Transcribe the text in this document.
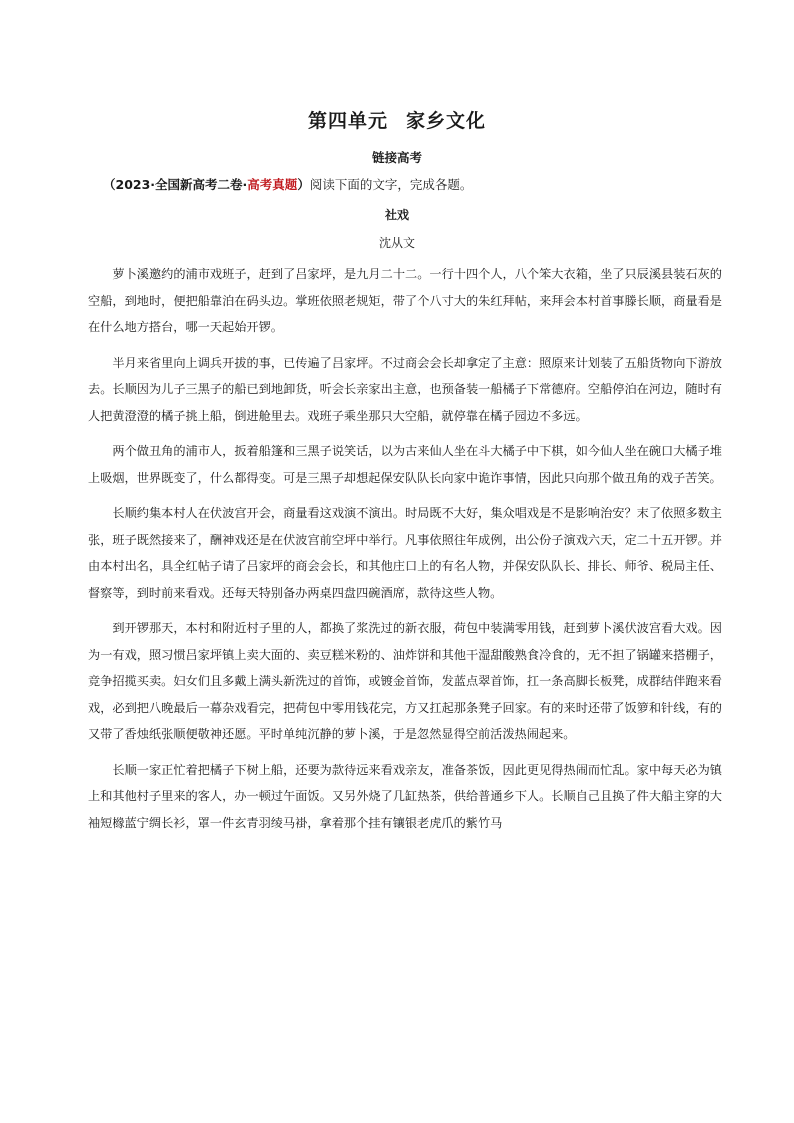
第四单元 家乡文化
链接高考
（2023·全国新高考二卷·高考真题）阅读下面的文字，完成各题。
社戏
沈从文

萝卜溪邀约的浦市戏班子，赶到了吕家坪，是九月二十二。一行十四个人，八个笨大衣箱，坐了只辰溪县装石灰的空船，到地时，便把船靠泊在码头边。掌班依照老规矩，带了个八寸大的朱红拜帖，来拜会本村首事滕长顺，商量看是在什么地方搭台，哪一天起始开锣。

半月来省里向上调兵开拔的事，已传遍了吕家坪。不过商会会长却拿定了主意：照原来计划装了五船货物向下游放去。长顺因为儿子三黑子的船已到地卸货，听会长亲家出主意，也预备装一船橘子下常德府。空船停泊在河边，随时有人把黄澄澄的橘子挑上船，倒进舱里去。戏班子乘坐那只大空船，就停靠在橘子园边不多远。

两个做丑角的浦市人，扳着船篷和三黑子说笑话，以为古来仙人坐在斗大橘子中下棋，如今仙人坐在碗口大橘子堆上吸烟，世界既变了，什么都得变。可是三黑子却想起保安队队长向家中诡诈事情，因此只向那个做丑角的戏子苦笑。

长顺约集本村人在伏波宫开会，商量看这戏演不演出。时局既不大好，集众唱戏是不是影响治安？末了依照多数主张，班子既然接来了，酬神戏还是在伏波宫前空坪中举行。凡事依照往年成例，出公份子演戏六天，定二十五开锣。并由本村出名，具全红帖子请了吕家坪的商会会长，和其他庄口上的有名人物，并保安队队长、排长、师爷、税局主任、督察等，到时前来看戏。还每天特别备办两桌四盘四碗酒席，款待这些人物。

到开锣那天，本村和附近村子里的人，都换了浆洗过的新衣服，荷包中装满零用钱，赶到萝卜溪伏波宫看大戏。因为一有戏，照习惯吕家坪镇上卖大面的、卖豆糕米粉的、油炸饼和其他干湿甜酸熟食冷食的，无不担了锅罐来搭棚子，竞争招揽买卖。妇女们且多戴上满头新洗过的首饰，或镀金首饰，发蓝点翠首饰，扛一条高脚长板凳，成群结伴跑来看戏，必到把八晚最后一幕杂戏看完，把荷包中零用钱花完，方又扛起那条凳子回家。有的来时还带了饭箩和针线，有的又带了香烛纸张顺便敬神还愿。平时单纯沉静的萝卜溪，于是忽然显得空前活泼热闹起来。

长顺一家正忙着把橘子下树上船，还要为款待远来看戏亲友，准备茶饭，因此更见得热闹而忙乱。家中每天必为镇上和其他村子里来的客人，办一顿过午面饭。又另外烧了几缸热茶，供给普通乡下人。长顺自己且换了件大船主穿的大袖短橼蓝宁绸长衫，罩一件玄青羽绫马褂，拿着那个挂有镶银老虎爪的紫竹马
